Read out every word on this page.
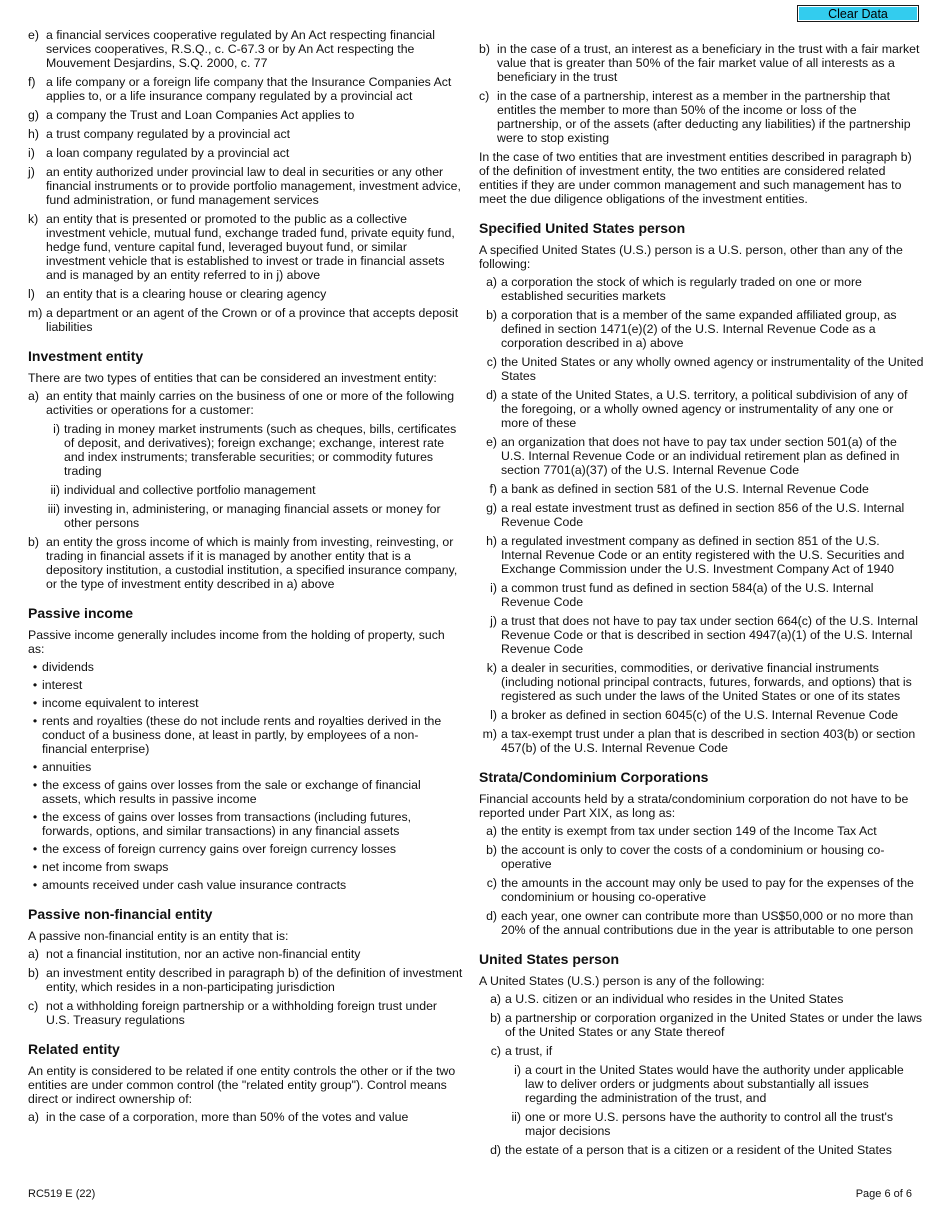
Clear Data
e) a financial services cooperative regulated by An Act respecting financial services cooperatives, R.S.Q., c. C-67.3 or by An Act respecting the Mouvement Desjardins, S.Q. 2000, c. 77
f) a life company or a foreign life company that the Insurance Companies Act applies to, or a life insurance company regulated by a provincial act
g) a company the Trust and Loan Companies Act applies to
h) a trust company regulated by a provincial act
i) a loan company regulated by a provincial act
j) an entity authorized under provincial law to deal in securities or any other financial instruments or to provide portfolio management, investment advice, fund administration, or fund management services
k) an entity that is presented or promoted to the public as a collective investment vehicle, mutual fund, exchange traded fund, private equity fund, hedge fund, venture capital fund, leveraged buyout fund, or similar investment vehicle that is established to invest or trade in financial assets and is managed by an entity referred to in j) above
l) an entity that is a clearing house or clearing agency
m) a department or an agent of the Crown or of a province that accepts deposit liabilities
Investment entity
There are two types of entities that can be considered an investment entity:
a) an entity that mainly carries on the business of one or more of the following activities or operations for a customer:
i) trading in money market instruments (such as cheques, bills, certificates of deposit, and derivatives); foreign exchange; exchange, interest rate and index instruments; transferable securities; or commodity futures trading
ii) individual and collective portfolio management
iii) investing in, administering, or managing financial assets or money for other persons
b) an entity the gross income of which is mainly from investing, reinvesting, or trading in financial assets if it is managed by another entity that is a depository institution, a custodial institution, a specified insurance company, or the type of investment entity described in a) above
Passive income
Passive income generally includes income from the holding of property, such as:
• dividends
• interest
• income equivalent to interest
• rents and royalties (these do not include rents and royalties derived in the conduct of a business done, at least in partly, by employees of a non-financial enterprise)
• annuities
• the excess of gains over losses from the sale or exchange of financial assets, which results in passive income
• the excess of gains over losses from transactions (including futures, forwards, options, and similar transactions) in any financial assets
• the excess of foreign currency gains over foreign currency losses
• net income from swaps
• amounts received under cash value insurance contracts
Passive non-financial entity
A passive non-financial entity is an entity that is:
a) not a financial institution, nor an active non-financial entity
b) an investment entity described in paragraph b) of the definition of investment entity, which resides in a non-participating jurisdiction
c) not a withholding foreign partnership or a withholding foreign trust under U.S. Treasury regulations
Related entity
An entity is considered to be related if one entity controls the other or if the two entities are under common control (the "related entity group"). Control means direct or indirect ownership of:
a) in the case of a corporation, more than 50% of the votes and value
b) in the case of a trust, an interest as a beneficiary in the trust with a fair market value that is greater than 50% of the fair market value of all interests as a beneficiary in the trust
c) in the case of a partnership, interest as a member in the partnership that entitles the member to more than 50% of the income or loss of the partnership, or of the assets (after deducting any liabilities) if the partnership were to stop existing
In the case of two entities that are investment entities described in paragraph b) of the definition of investment entity, the two entities are considered related entities if they are under common management and such management has to meet the due diligence obligations of the investment entities.
Specified United States person
A specified United States (U.S.) person is a U.S. person, other than any of the following:
a) a corporation the stock of which is regularly traded on one or more established securities markets
b) a corporation that is a member of the same expanded affiliated group, as defined in section 1471(e)(2) of the U.S. Internal Revenue Code as a corporation described in a) above
c) the United States or any wholly owned agency or instrumentality of the United States
d) a state of the United States, a U.S. territory, a political subdivision of any of the foregoing, or a wholly owned agency or instrumentality of any one or more of these
e) an organization that does not have to pay tax under section 501(a) of the U.S. Internal Revenue Code or an individual retirement plan as defined in section 7701(a)(37) of the U.S. Internal Revenue Code
f) a bank as defined in section 581 of the U.S. Internal Revenue Code
g) a real estate investment trust as defined in section 856 of the U.S. Internal Revenue Code
h) a regulated investment company as defined in section 851 of the U.S. Internal Revenue Code or an entity registered with the U.S. Securities and Exchange Commission under the U.S. Investment Company Act of 1940
i) a common trust fund as defined in section 584(a) of the U.S. Internal Revenue Code
j) a trust that does not have to pay tax under section 664(c) of the U.S. Internal Revenue Code or that is described in section 4947(a)(1) of the U.S. Internal Revenue Code
k) a dealer in securities, commodities, or derivative financial instruments (including notional principal contracts, futures, forwards, and options) that is registered as such under the laws of the United States or one of its states
l) a broker as defined in section 6045(c) of the U.S. Internal Revenue Code
m) a tax-exempt trust under a plan that is described in section 403(b) or section 457(b) of the U.S. Internal Revenue Code
Strata/Condominium Corporations
Financial accounts held by a strata/condominium corporation do not have to be reported under Part XIX, as long as:
a) the entity is exempt from tax under section 149 of the Income Tax Act
b) the account is only to cover the costs of a condominium or housing co-operative
c) the amounts in the account may only be used to pay for the expenses of the condominium or housing co-operative
d) each year, one owner can contribute more than US$50,000 or no more than 20% of the annual contributions due in the year is attributable to one person
United States person
A United States (U.S.) person is any of the following:
a) a U.S. citizen or an individual who resides in the United States
b) a partnership or corporation organized in the United States or under the laws of the United States or any State thereof
c) a trust, if
i) a court in the United States would have the authority under applicable law to deliver orders or judgments about substantially all issues regarding the administration of the trust, and
ii) one or more U.S. persons have the authority to control all the trust's major decisions
d) the estate of a person that is a citizen or a resident of the United States
RC519 E (22)	Page 6 of 6
